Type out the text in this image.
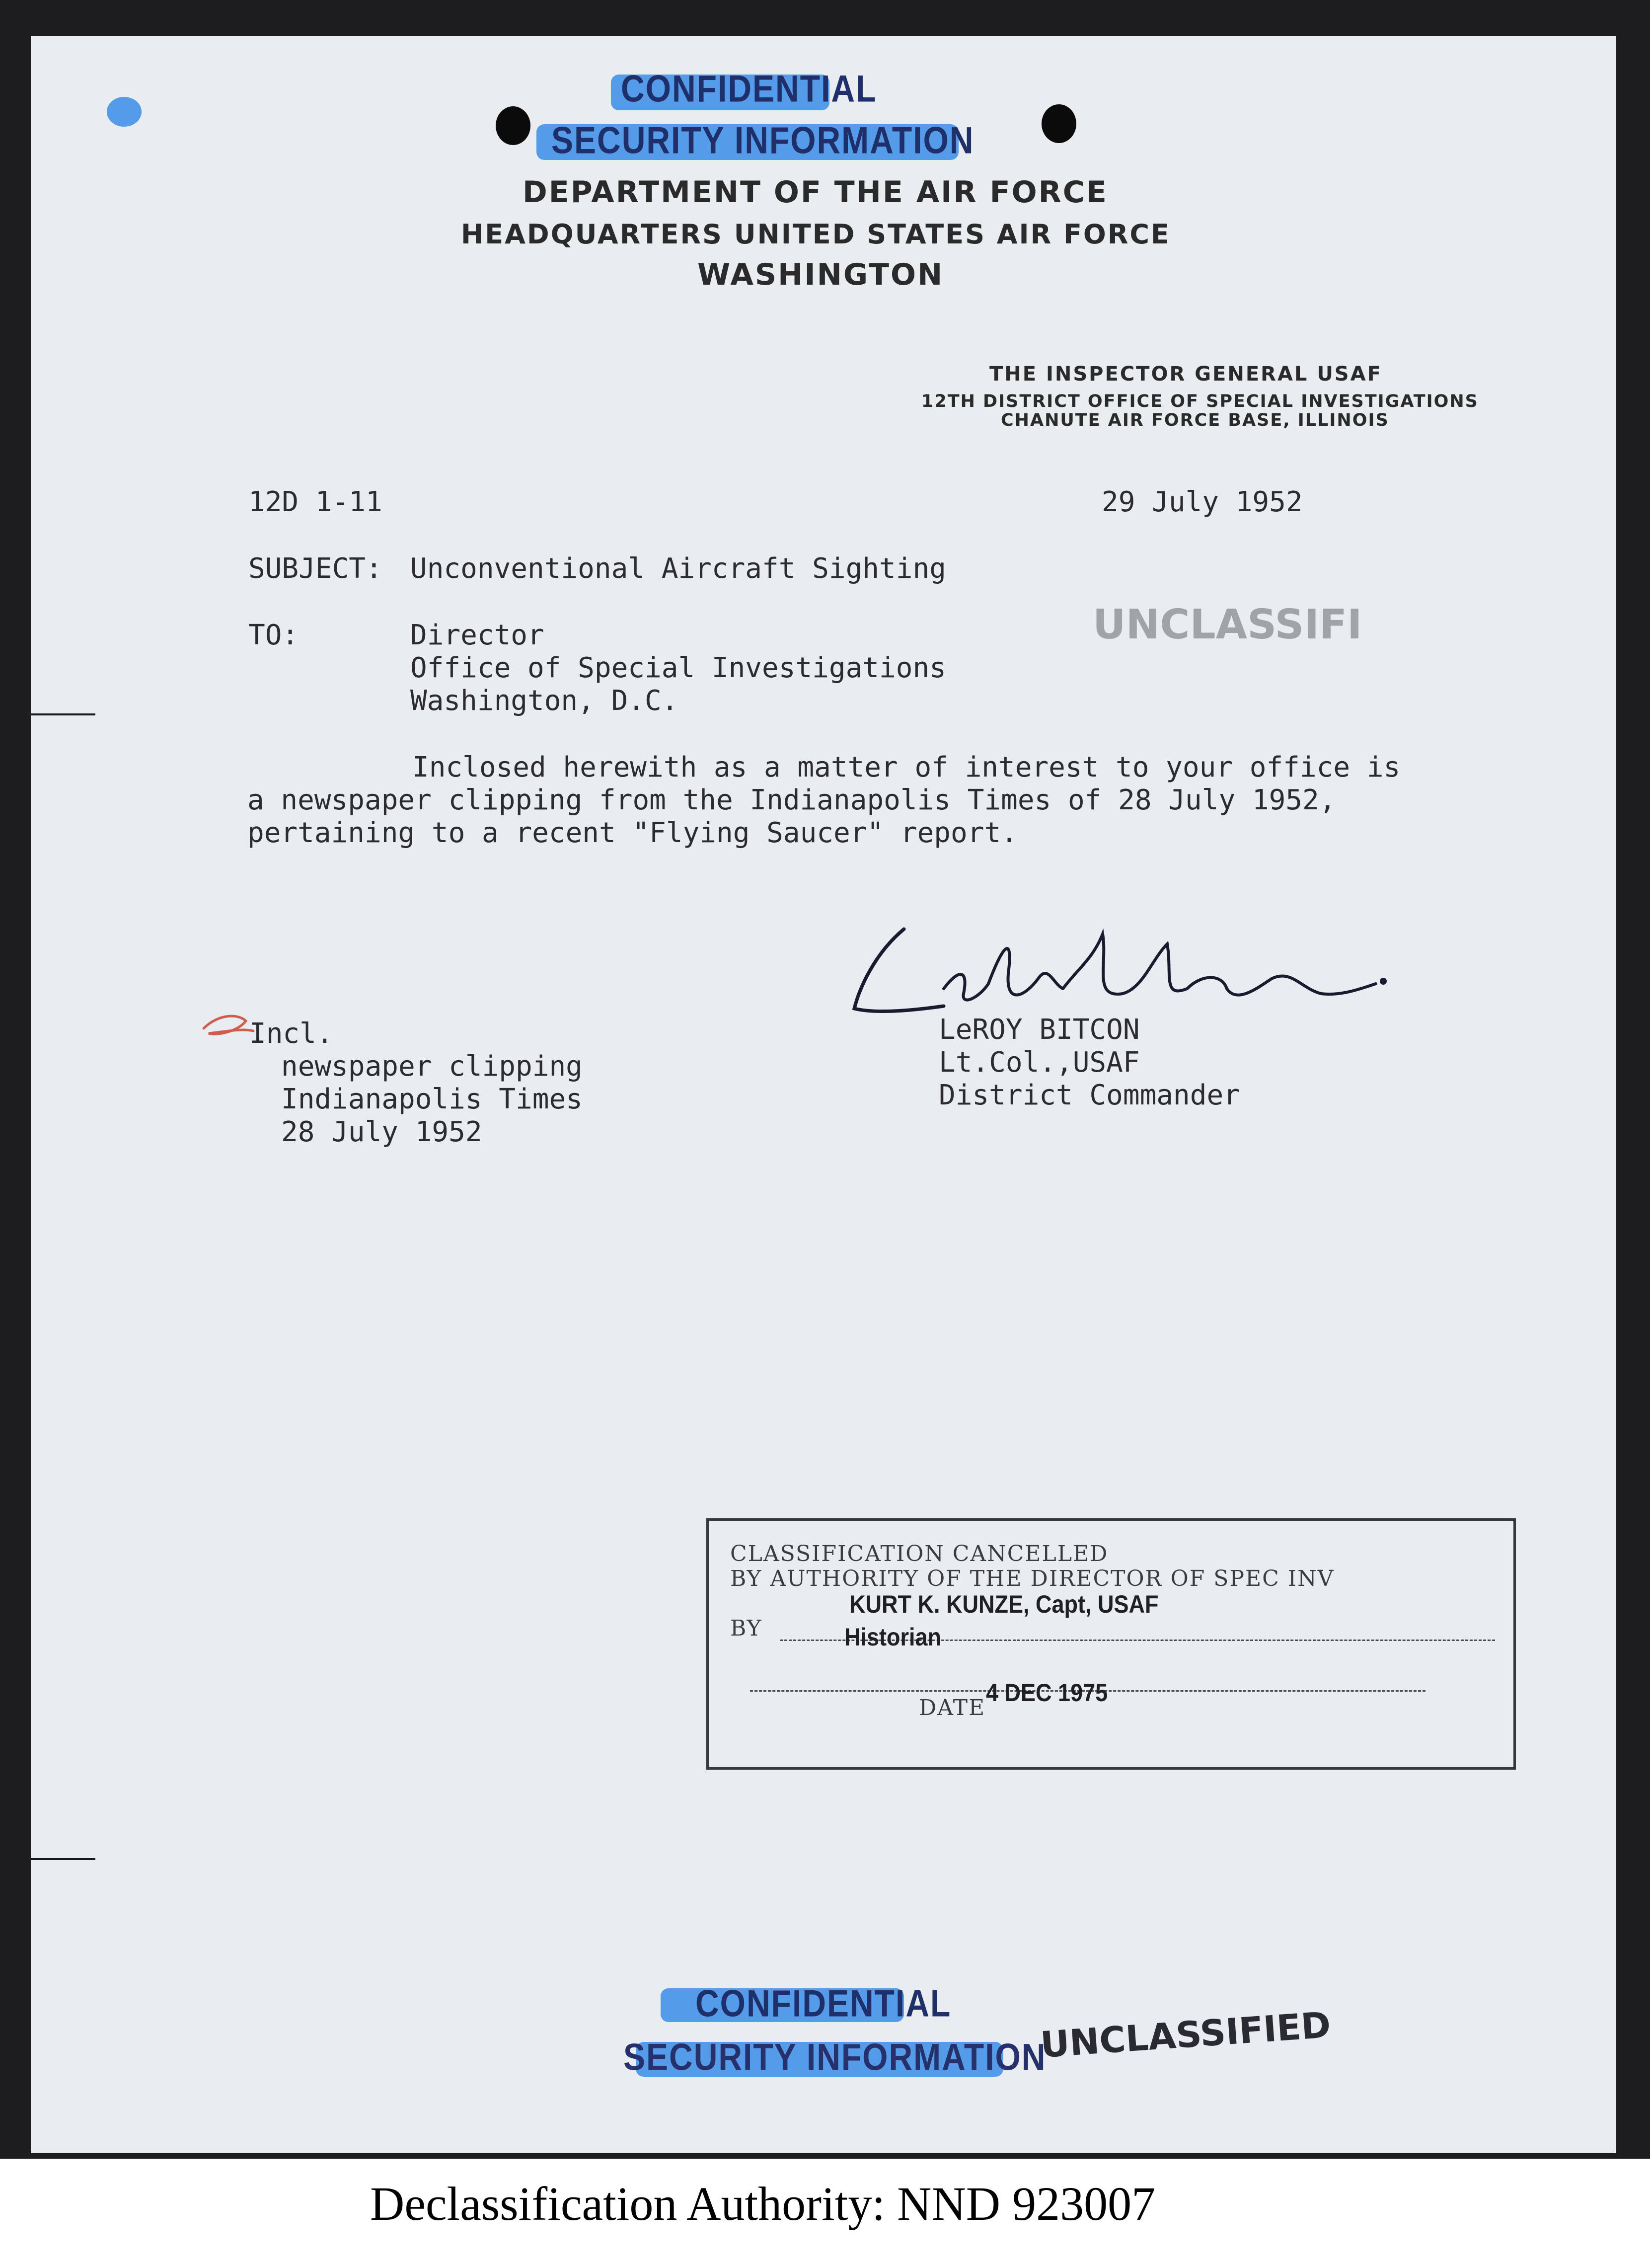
CONFIDENTIAL
SECURITY INFORMATION
DEPARTMENT OF THE AIR FORCE
HEADQUARTERS UNITED STATES AIR FORCE
WASHINGTON
THE INSPECTOR GENERAL USAF
12TH DISTRICT OFFICE OF SPECIAL INVESTIGATIONS
CHANUTE AIR FORCE BASE, ILLINOIS
12D 1-11	29 July 1952
SUBJECT: Unconventional Aircraft Sighting
UNCLASSIFI
TO:	Director
Office of Special Investigations
Washington, D.C.
Inclosed herewith as a matter of interest to your office is
a newspaper clipping from the Indianapolis Times of 28 July 1952,
pertaining to a recent "Flying Saucer" report.
LeROY BITCON
Lt.Col.,USAF
District Commander
Incl.
newspaper clipping
Indianapolis Times
28 July 1952
CLASSIFICATION CANCELLED
BY AUTHORITY OF THE DIRECTOR OF SPEC INV
BY
KURT K. KUNZE, Capt, USAF
Historian
DATE
4 DEC 1975
CONFIDENTIAL
SECURITY INFORMATION
UNCLASSIFIED
Declassification Authority: NND 923007
